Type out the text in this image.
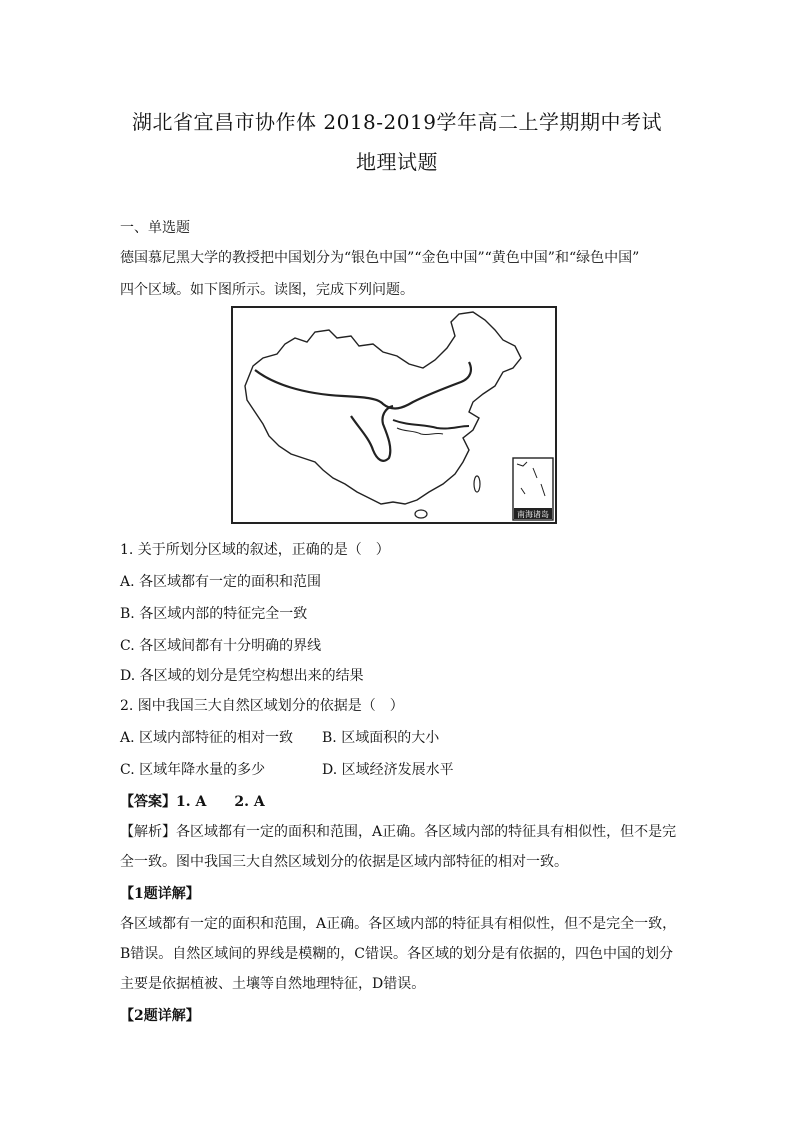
湖北省宜昌市协作体 2018-2019学年高二上学期期中考试
地理试题
一、单选题
德国慕尼黑大学的教授把中国划分为“银色中国”“金色中国”“黄色中国”和“绿色中国”
四个区域。如下图所示。读图，完成下列问题。
南海诸岛
1. 关于所划分区域的叙述，正确的是（　）
A. 各区域都有一定的面积和范围
B. 各区域内部的特征完全一致
C. 各区域间都有十分明确的界线
D. 各区域的划分是凭空构想出来的结果
2. 图中我国三大自然区域划分的依据是（　）
A. 区域内部特征的相对一致	B. 区域面积的大小
C. 区域年降水量的多少	D. 区域经济发展水平
【答案】1. A　　2. A
【解析】各区域都有一定的面积和范围，A正确。各区域内部的特征具有相似性，但不是完
全一致。图中我国三大自然区域划分的依据是区域内部特征的相对一致。
【1题详解】
各区域都有一定的面积和范围，A正确。各区域内部的特征具有相似性，但不是完全一致，
B错误。自然区域间的界线是模糊的，C错误。各区域的划分是有依据的，四色中国的划分
主要是依据植被、土壤等自然地理特征，D错误。
【2题详解】
